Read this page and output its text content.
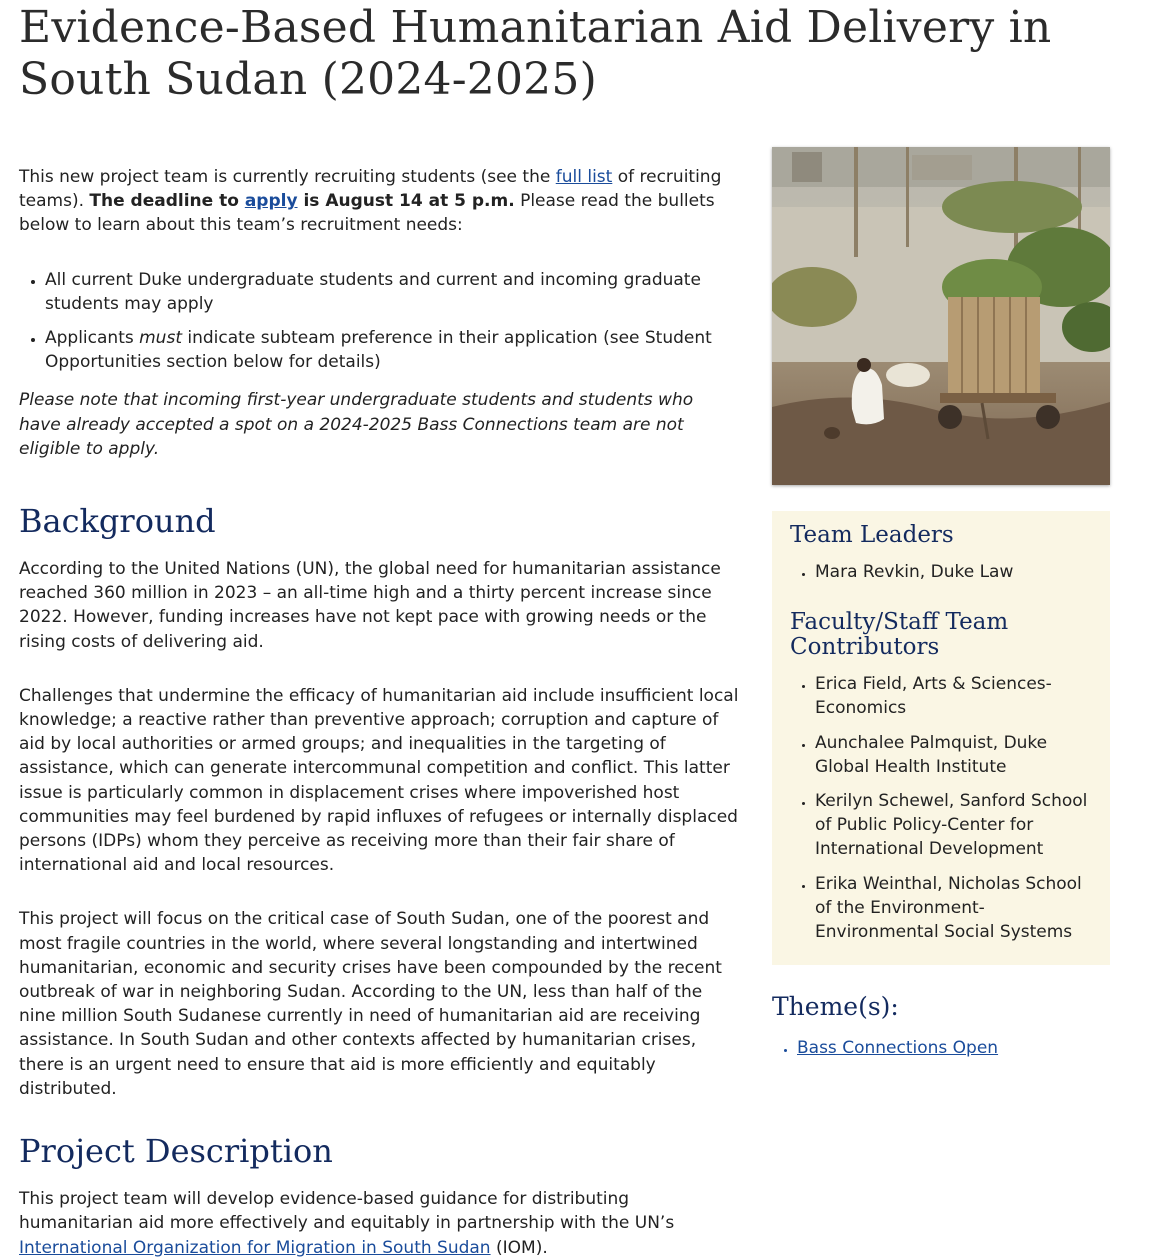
Evidence-Based Humanitarian Aid Delivery in South Sudan (2024-2025)

This new project team is currently recruiting students (see the full list of recruiting teams). The deadline to apply is August 14 at 5 p.m. Please read the bullets below to learn about this team’s recruitment needs:

• All current Duke undergraduate students and current and incoming graduate students may apply
• Applicants must indicate subteam preference in their application (see Student Opportunities section below for details)

Please note that incoming first-year undergraduate students and students who have already accepted a spot on a 2024-2025 Bass Connections team are not eligible to apply.

Background

According to the United Nations (UN), the global need for humanitarian assistance reached 360 million in 2023 – an all-time high and a thirty percent increase since 2022. However, funding increases have not kept pace with growing needs or the rising costs of delivering aid.

Challenges that undermine the efficacy of humanitarian aid include insufficient local knowledge; a reactive rather than preventive approach; corruption and capture of aid by local authorities or armed groups; and inequalities in the targeting of assistance, which can generate intercommunal competition and conflict. This latter issue is particularly common in displacement crises where impoverished host communities may feel burdened by rapid influxes of refugees or internally displaced persons (IDPs) whom they perceive as receiving more than their fair share of international aid and local resources.

This project will focus on the critical case of South Sudan, one of the poorest and most fragile countries in the world, where several longstanding and intertwined humanitarian, economic and security crises have been compounded by the recent outbreak of war in neighboring Sudan. According to the UN, less than half of the nine million South Sudanese currently in need of humanitarian aid are receiving assistance. In South Sudan and other contexts affected by humanitarian crises, there is an urgent need to ensure that aid is more efficiently and equitably distributed.

Project Description

This project team will develop evidence-based guidance for distributing humanitarian aid more effectively and equitably in partnership with the UN’s International Organization for Migration in South Sudan (IOM).

Team Leaders
• Mara Revkin, Duke Law
Faculty/Staff Team Contributors
• Erica Field, Arts & Sciences-Economics
• Aunchalee Palmquist, Duke Global Health Institute
• Kerilyn Schewel, Sanford School of Public Policy-Center for International Development
• Erika Weinthal, Nicholas School of the Environment-Environmental Social Systems
Theme(s):
• Bass Connections Open
